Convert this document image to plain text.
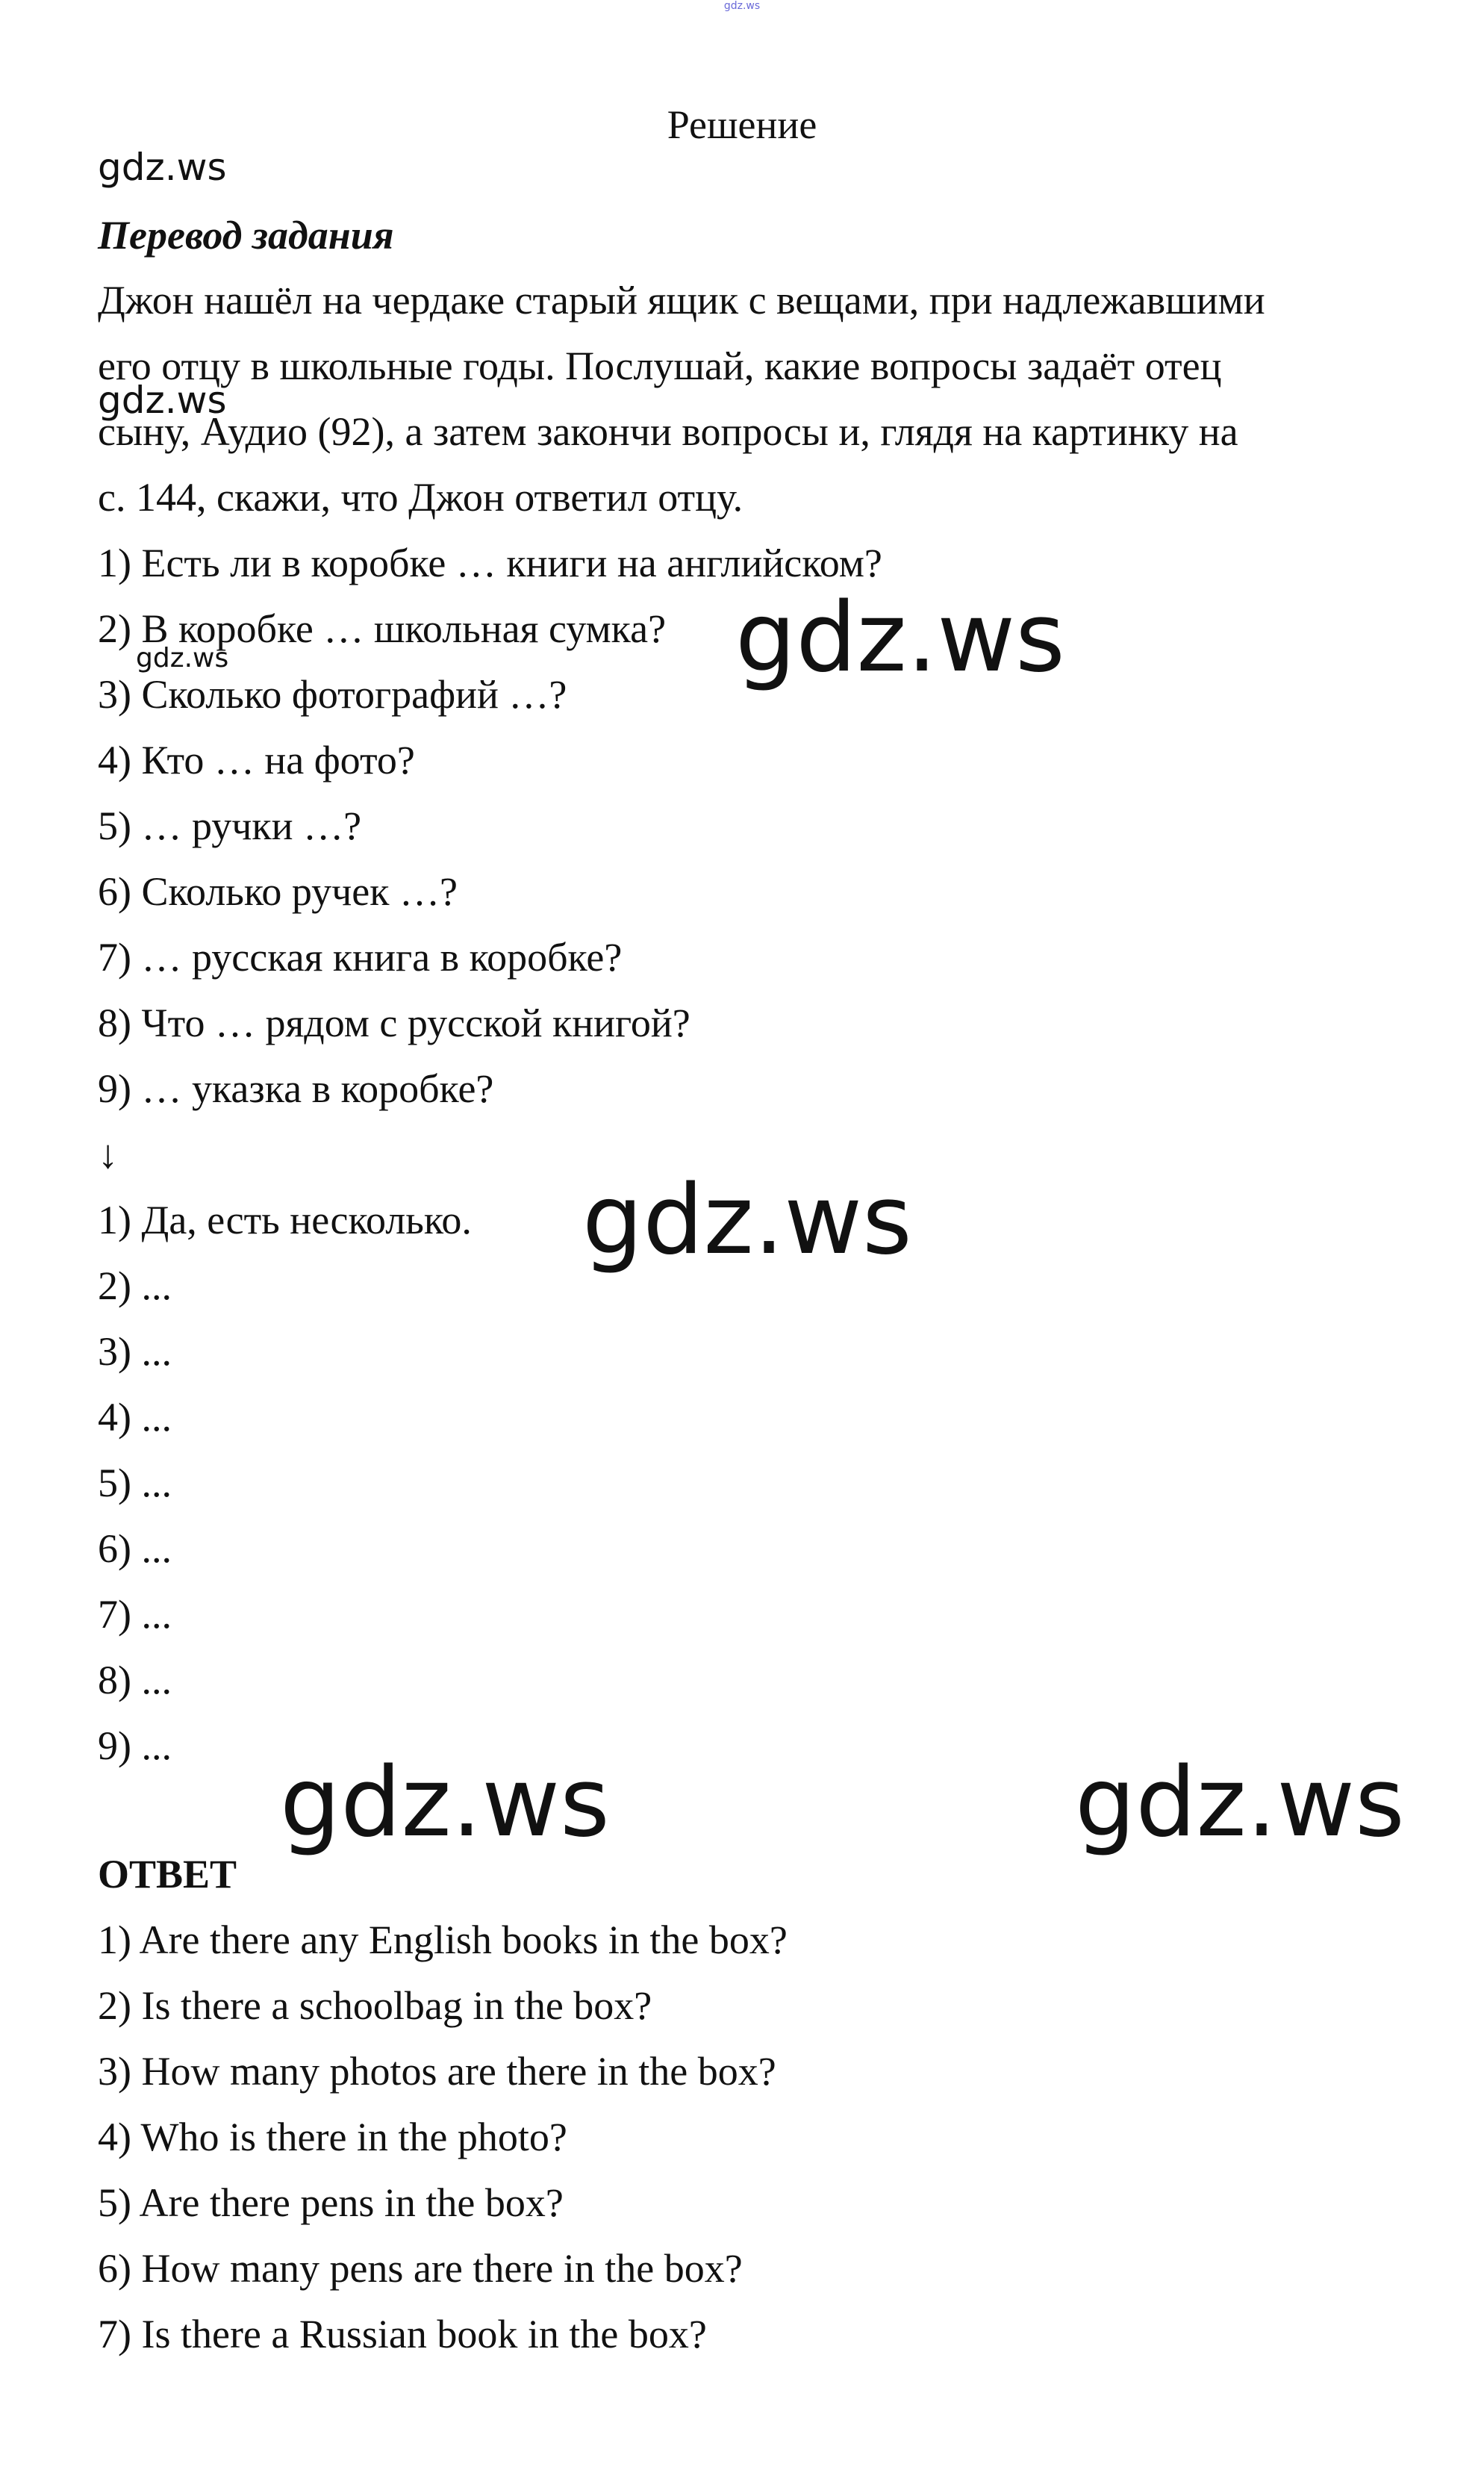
gdz.ws
Решение
gdz.ws
Перевод задания
Джон нашёл на чердаке старый ящик с вещами, при надлежавшими
его отцу в школьные годы. Послушай, какие вопросы задаёт отец
gdz.ws
сыну, Аудио (92), а затем закончи вопросы и, глядя на картинку на
с. 144, скажи, что Джон ответил отцу.
1) Есть ли в коробке … книги на английском?
2) В коробке … школьная сумка? gdz.ws
gdz.ws
3) Сколько фотографий …?
4) Кто … на фото?
5) … ручки …?
6) Сколько ручек …?
7) … русская книга в коробке?
8) Что … рядом с русской книгой?
9) … указка в коробке?
↓
1) Да, есть несколько. gdz.ws
2) ...
3) ...
4) ...
5) ...
6) ...
7) ...
8) ...
9) ...
gdz.ws	gdz.ws
ОТВЕТ
1) Are there any English books in the box?
2) Is there a schoolbag in the box?
3) How many photos are there in the box?
4) Who is there in the photo?
5) Are there pens in the box?
6) How many pens are there in the box?
7) Is there a Russian book in the box?
